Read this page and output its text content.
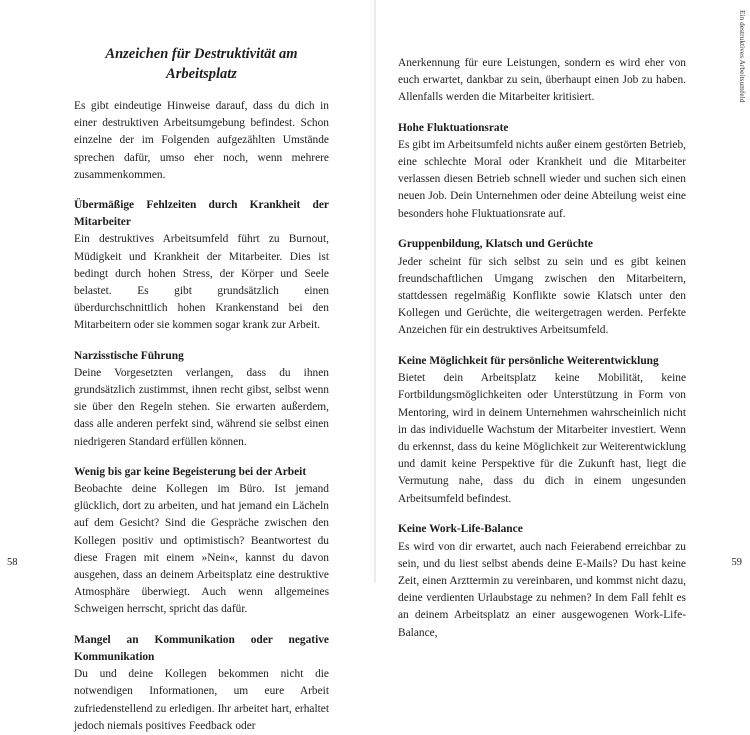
Anzeichen für Destruktivität am Arbeitsplatz

Es gibt eindeutige Hinweise darauf, dass du dich in einer destruktiven Arbeitsumgebung befindest. Schon einzelne der im Folgenden aufgezählten Umstände sprechen dafür, umso eher noch, wenn mehrere zusammenkommen.

Übermäßige Fehlzeiten durch Krankheit der Mitarbeiter

Ein destruktives Arbeitsumfeld führt zu Burnout, Müdigkeit und Krankheit der Mitarbeiter. Dies ist bedingt durch hohen Stress, der Körper und Seele belastet. Es gibt grundsätzlich einen überdurchschnittlich hohen Krankenstand bei den Mitarbeitern oder sie kommen sogar krank zur Arbeit.

Narzisstische Führung

Deine Vorgesetzten verlangen, dass du ihnen grundsätzlich zustimmst, ihnen recht gibst, selbst wenn sie über den Regeln stehen. Sie erwarten außerdem, dass alle anderen perfekt sind, während sie selbst einen niedrigeren Standard erfüllen können.

Wenig bis gar keine Begeisterung bei der Arbeit

Beobachte deine Kollegen im Büro. Ist jemand glücklich, dort zu arbeiten, und hat jemand ein Lächeln auf dem Gesicht? Sind die Gespräche zwischen den Kollegen positiv und optimistisch? Beantwortest du diese Fragen mit einem »Nein«, kannst du davon ausgehen, dass an deinem Arbeitsplatz eine destruktive Atmosphäre überwiegt. Auch wenn allgemeines Schweigen herrscht, spricht das dafür.

Mangel an Kommunikation oder negative Kommunikation

Du und deine Kollegen bekommen nicht die notwendigen Informationen, um eure Arbeit zufriedenstellend zu erledigen. Ihr arbeitet hart, erhaltet jedoch niemals positives Feedback oder

58

Anerkennung für eure Leistungen, sondern es wird eher von euch erwartet, dankbar zu sein, überhaupt einen Job zu haben. Allenfalls werden die Mitarbeiter kritisiert.

Hohe Fluktuationsrate

Es gibt im Arbeitsumfeld nichts außer einem gestörten Betrieb, eine schlechte Moral oder Krankheit und die Mitarbeiter verlassen diesen Betrieb schnell wieder und suchen sich einen neuen Job. Dein Unternehmen oder deine Abteilung weist eine besonders hohe Fluktuationsrate auf.

Gruppenbildung, Klatsch und Gerüchte

Jeder scheint für sich selbst zu sein und es gibt keinen freundschaftlichen Umgang zwischen den Mitarbeitern, stattdessen regelmäßig Konflikte sowie Klatsch unter den Kollegen und Gerüchte, die weitergetragen werden. Perfekte Anzeichen für ein destruktives Arbeitsumfeld.

Keine Möglichkeit für persönliche Weiterentwicklung

Bietet dein Arbeitsplatz keine Mobilität, keine Fortbildungsmöglichkeiten oder Unterstützung in Form von Mentoring, wird in deinem Unternehmen wahrscheinlich nicht in das individuelle Wachstum der Mitarbeiter investiert. Wenn du erkennst, dass du keine Möglichkeit zur Weiterentwicklung und damit keine Perspektive für die Zukunft hast, liegt die Vermutung nahe, dass du dich in einem ungesunden Arbeitsumfeld befindest.

Keine Work-Life-Balance

Es wird von dir erwartet, auch nach Feierabend erreichbar zu sein, und du liest selbst abends deine E-Mails? Du hast keine Zeit, einen Arzttermin zu vereinbaren, und kommst nicht dazu, deine verdienten Urlaubstage zu nehmen? In dem Fall fehlt es an deinem Arbeitsplatz an einer ausgewogenen Work-Life-Balance,

Ein destruktives Arbeitsumfeld
59
